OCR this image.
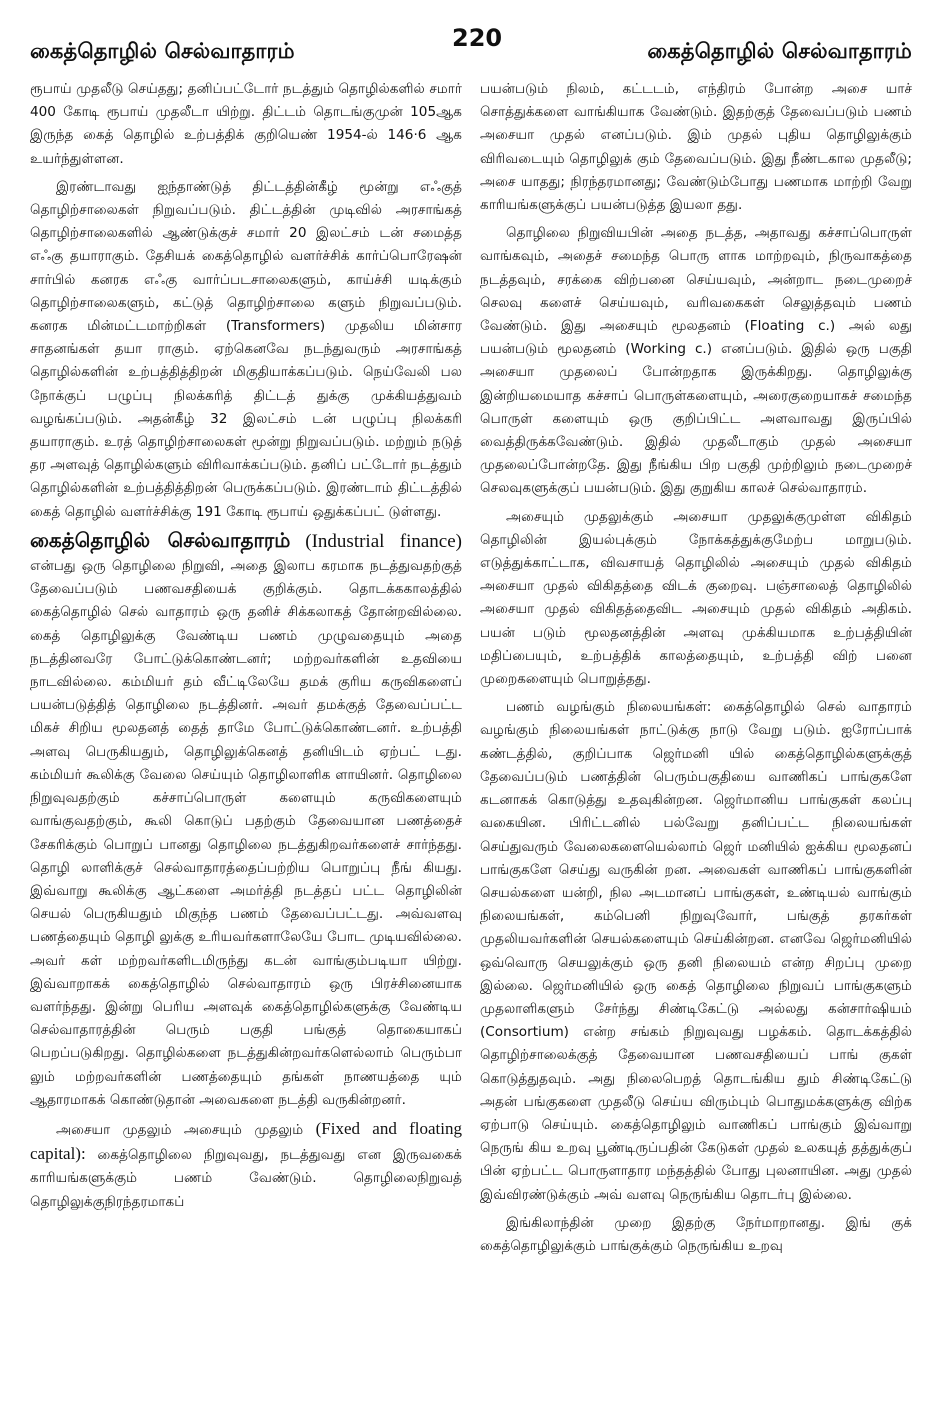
கைத்தொழில் செல்வாதாரம்	கைத்தொழில் செல்வாதாரம்
220

ரூபாய் முதலீடு செய்தது; தனிப்பட்டோர் நடத்தும் தொழில்களில் சமார் 400 கோடி ரூபாய் முதலீடா யிற்று. திட்டம் தொடங்குமுன் 105ஆக இருந்த கைத் தொழில் உற்பத்திக் குறியெண் 1954-ல் 146·6 ஆக உயர்ந்துள்ளன.

இரண்டாவது ஐந்தாண்டுத் திட்டத்தின்கீழ் மூன்று எஃகுத் தொழிற்சாலைகள் நிறுவப்படும். திட்டத்தின் முடிவில் அரசாங்கத் தொழிற்சாலைகளில் ஆண்டுக்குச் சமார் 20 இலட்சம் டன் சமைத்த எஃகு தயாராகும். தேசியக் கைத்தொழில் வளர்ச்சிக் கார்ப்பொரேஷன் சார்பில் கனரக எஃகு வார்ப்படசாலைகளும், காய்ச்சி யடிக்கும் தொழிற்சாலைகளும், கட்டுத் தொழிற்சாலை களும் நிறுவப்படும். கனரக மின்மட்டமாற்றிகள் (Transformers) முதலிய மின்சார சாதனங்கள் தயா ராகும். ஏற்கெனவே நடந்துவரும் அரசாங்கத் தொழில்களின் உற்பத்தித்திறன் மிகுதியாக்கப்படும். நெய்வேலி பல நோக்குப் பழுப்பு நிலக்கரித் திட்டத் துக்கு முக்கியத்துவம் வழங்கப்படும். அதன்கீழ் 32 இலட்சம் டன் பழுப்பு நிலக்கரி தயாராகும். உரத் தொழிற்சாலைகள் மூன்று நிறுவப்படும். மற்றும் நடுத் தர அளவுத் தொழில்களும் விரிவாக்கப்படும். தனிப் பட்டோர் நடத்தும் தொழில்களின் உற்பத்தித்திறன் பெருக்கப்படும். இரண்டாம் திட்டத்தில் கைத் தொழில் வளர்ச்சிக்கு 191 கோடி ரூபாய் ஒதுக்கப்பட் டுள்ளது.

கைத்தொழில் செல்வாதாரம் (Industrial finance) என்பது ஒரு தொழிலை நிறுவி, அதை இலாப கரமாக நடத்துவதற்குத் தேவைப்படும் பணவசதியைக் குறிக்கும். தொடக்ககாலத்தில் கைத்தொழில் செல் வாதாரம் ஒரு தனிச் சிக்கலாகத் தோன்றவில்லை. கைத் தொழிலுக்கு வேண்டிய பணம் முழுவதையும் அதை நடத்தினவரே போட்டுக்கொண்டனர்; மற்றவர்களின் உதவியை நாடவில்லை. கம்மியர் தம் வீட்டிலேயே தமக் குரிய கருவிகளைப் பயன்படுத்தித் தொழிலை நடத்தினர். அவர் தமக்குத் தேவைப்பட்ட மிகச் சிறிய மூலதனத் தைத் தாமே போட்டுக்கொண்டனர். உற்பத்தி அளவு பெருகியதும், தொழிலுக்கெனத் தனியிடம் ஏற்பட் டது. கம்மியர் கூலிக்கு வேலை செய்யும் தொழிலாளிக ளாயினர். தொழிலை நிறுவுவதற்கும் கச்சாப்பொருள் களையும் கருவிகளையும் வாங்குவதற்கும், கூலி கொடுப் பதற்கும் தேவையான பணத்தைச் சேகரிக்கும் பொறுப் பானது தொழிலை நடத்துகிறவர்களைச் சார்ந்தது. தொழி லாளிக்குச் செல்வாதாரத்தைப்பற்றிய பொறுப்பு நீங் கியது. இவ்வாறு கூலிக்கு ஆட்களை அமர்த்தி நடத்தப் பட்ட தொழிலின் செயல் பெருகியதும் மிகுந்த பணம் தேவைப்பட்டது. அவ்வளவு பணத்தையும் தொழி லுக்கு உரியவர்களாலேயே போட முடியவில்லை. அவர் கள் மற்றவர்களிடமிருந்து கடன் வாங்கும்படியா யிற்று. இவ்வாறாகக் கைத்தொழில் செல்வாதாரம் ஒரு பிரச்சினையாக வளர்ந்தது. இன்று பெரிய அளவுக் கைத்தொழில்களுக்கு வேண்டிய செல்வாதாரத்தின் பெரும் பகுதி பங்குத் தொகையாகப் பெறப்படுகிறது. தொழில்களை நடத்துகின்றவர்களெல்லாம் பெரும்பா லும் மற்றவர்களின் பணத்தையும் தங்கள் நாணயத்தை யும் ஆதாரமாகக் கொண்டுதான் அவைகளை நடத்தி வருகின்றனர்.

அசையா முதலும் அசையும் முதலும் (Fixed and floating capital): கைத்தொழிலை நிறுவுவது, நடத்துவது என இருவகைக் காரியங்களுக்கும் பணம் வேண்டும். தொழிலைநிறுவத் தொழிலுக்குநிரந்தரமாகப்

பயன்படும் நிலம், கட்டடம், எந்திரம் போன்ற அசை யாச் சொத்துக்களை வாங்கியாக வேண்டும். இதற்குத் தேவைப்படும் பணம் அசையா முதல் எனப்படும். இம் முதல் புதிய தொழிலுக்கும் விரிவடையும் தொழிலுக் கும் தேவைப்படும். இது நீண்டகால முதலீடு; அசை யாதது; நிரந்தரமானது; வேண்டும்போது பணமாக மாற்றி வேறு காரியங்களுக்குப் பயன்படுத்த இயலா தது.

தொழிலை நிறுவியபின் அதை நடத்த, அதாவது கச்சாப்பொருள் வாங்கவும், அதைச் சமைந்த பொரு ளாக மாற்றவும், நிருவாகத்தை நடத்தவும், சரக்கை விற்பனை செய்யவும், அன்றாட நடைமுறைச் செலவு களைச் செய்யவும், வரிவகைகள் செலுத்தவும் பணம் வேண்டும். இது அசையும் மூலதனம் (Floating c.) அல் லது பயன்படும் மூலதனம் (Working c.) எனப்படும். இதில் ஒரு பகுதி அசையா முதலைப் போன்றதாக இருக்கிறது. தொழிலுக்கு இன்றியமையாத கச்சாப் பொருள்களையும், அரைகுறையாகச் சமைந்த பொருள் களையும் ஒரு குறிப்பிட்ட அளவாவது இருப்பில் வைத்திருக்கவேண்டும். இதில் முதலீடாகும் முதல் அசையா முதலைப்போன்றதே. இது நீங்கிய பிற பகுதி முற்றிலும் நடைமுறைச் செலவுகளுக்குப் பயன்படும். இது குறுகிய காலச் செல்வாதாரம்.

அசையும் முதலுக்கும் அசையா முதலுக்குமுள்ள விகிதம் தொழிலின் இயல்புக்கும் நோக்கத்துக்குமேற்ப மாறுபடும். எடுத்துக்காட்டாக, விவசாயத் தொழிலில் அசையும் முதல் விகிதம் அசையா முதல் விகிதத்தை விடக் குறைவு. பஞ்சாலைத் தொழிலில் அசையா முதல் விகிதத்தைவிட அசையும் முதல் விகிதம் அதிகம். பயன் படும் மூலதனத்தின் அளவு முக்கியமாக உற்பத்தியின் மதிப்பையும், உற்பத்திக் காலத்தையும், உற்பத்தி விற் பனை முறைகளையும் பொறுத்தது.

பணம் வழங்கும் நிலையங்கள்: கைத்தொழில் செல் வாதாரம் வழங்கும் நிலையங்கள் நாட்டுக்கு நாடு வேறு படும். ஐரோப்பாக் கண்டத்தில், குறிப்பாக ஜெர்மனி யில் கைத்தொழில்களுக்குத் தேவைப்படும் பணத்தின் பெரும்பகுதியை வாணிகப் பாங்குகளே கடனாகக் கொடுத்து உதவுகின்றன. ஜெர்மானிய பாங்குகள் கலப்பு வகையின. பிரிட்டனில் பல்வேறு தனிப்பட்ட நிலையங்கள் செய்துவரும் வேலைகளையெல்லாம் ஜெர் மனியில் ஐக்கிய மூலதனப் பாங்குகளே செய்து வருகின் றன. அவைகள் வாணிகப் பாங்குகளின் செயல்களை யன்றி, நில அடமானப் பாங்குகள், உண்டியல் வாங்கும் நிலையங்கள், கம்பெனி நிறுவுவோர், பங்குத் தரகர்கள் முதலியவர்களின் செயல்களையும் செய்கின்றன. எனவே ஜெர்மனியில் ஒவ்வொரு செயலுக்கும் ஒரு தனி நிலையம் என்ற சிறப்பு முறை இல்லை. ஜெர்மனியில் ஒரு கைத் தொழிலை நிறுவப் பாங்குகளும் முதலாளிகளும் சேர்ந்து சிண்டிகேட்டு அல்லது கன்சார்ஷியம் (Consortium) என்ற சங்கம் நிறுவுவது பழக்கம். தொடக்கத்தில் தொழிற்சாலைக்குத் தேவையான பணவசதியைப் பாங் குகள் கொடுத்துதவும். அது நிலைபெறத் தொடங்கிய தும் சிண்டிகேட்டு அதன் பங்குகளை முதலீடு செய்ய விரும்பும் பொதுமக்களுக்கு விற்க ஏற்பாடு செய்யும். கைத்தொழிலும் வாணிகப் பாங்கும் இவ்வாறு நெருங் கிய உறவு பூண்டிருப்பதின் கேடுகள் முதல் உலகயுத் தத்துக்குப் பின் ஏற்பட்ட பொருளாதார மந்தத்தில் போது புலனாயின. அது முதல் இவ்விரண்டுக்கும் அவ் வளவு நெருங்கிய தொடர்பு இல்லை.

இங்கிலாந்தின் முறை இதற்கு நேர்மாறானது. இங் குக் கைத்தொழிலுக்கும் பாங்குக்கும் நெருங்கிய உறவு
